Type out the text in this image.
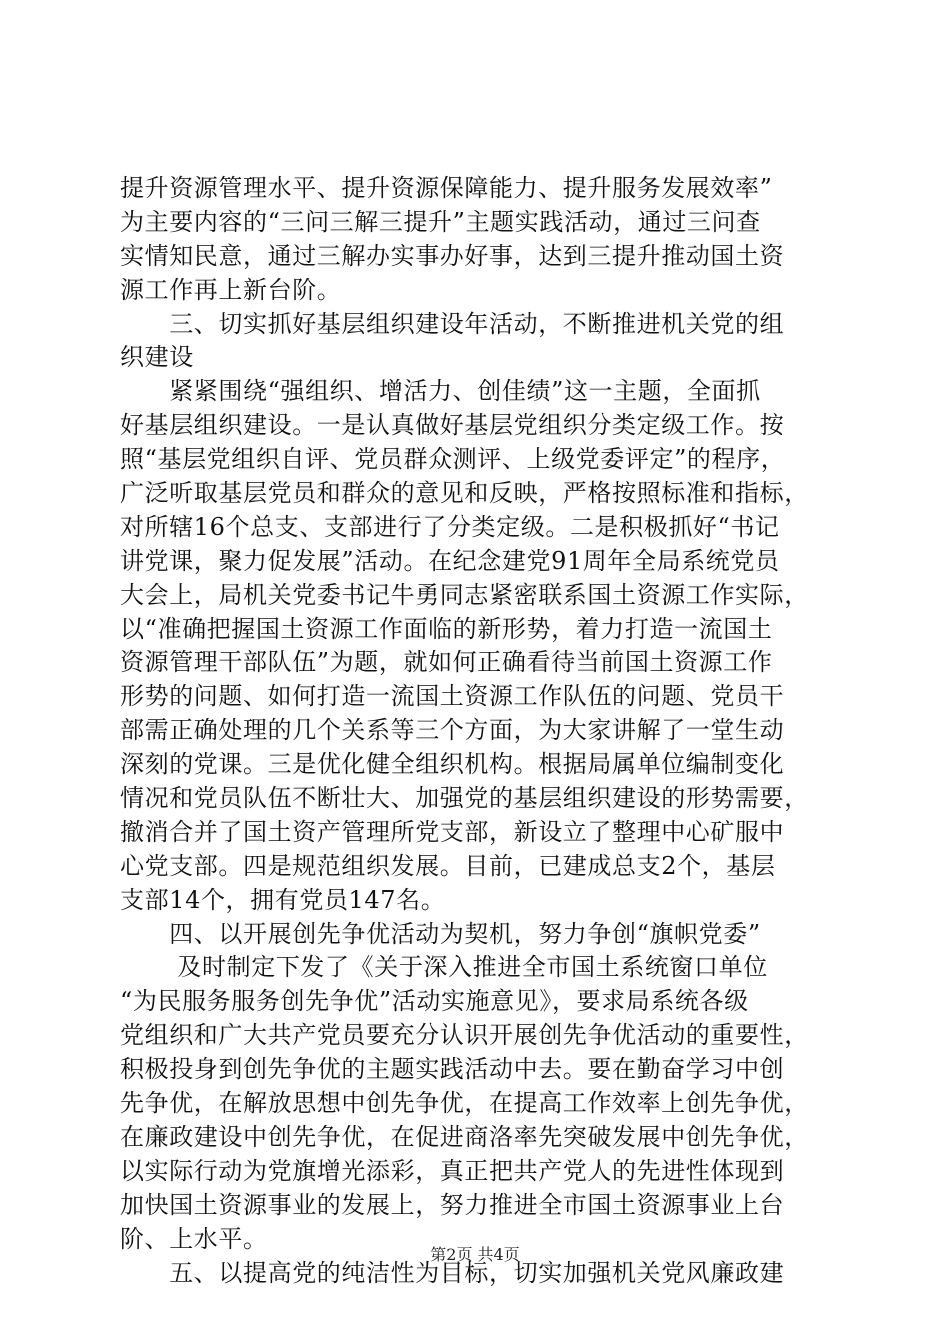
提升资源管理水平、提升资源保障能力、提升服务发展效率”
为主要内容的“三问三解三提升”主题实践活动，通过三问查
实情知民意，通过三解办实事办好事，达到三提升推动国土资
源工作再上新台阶。
　　三、切实抓好基层组织建设年活动，不断推进机关党的组
织建设
　　紧紧围绕“强组织、增活力、创佳绩”这一主题，全面抓
好基层组织建设。一是认真做好基层党组织分类定级工作。按
照“基层党组织自评、党员群众测评、上级党委评定”的程序，
广泛听取基层党员和群众的意见和反映，严格按照标准和指标，
对所辖16个总支、支部进行了分类定级。二是积极抓好“书记
讲党课，聚力促发展”活动。在纪念建党91周年全局系统党员
大会上，局机关党委书记牛勇同志紧密联系国土资源工作实际，
以“准确把握国土资源工作面临的新形势，着力打造一流国土
资源管理干部队伍”为题，就如何正确看待当前国土资源工作
形势的问题、如何打造一流国土资源工作队伍的问题、党员干
部需正确处理的几个关系等三个方面，为大家讲解了一堂生动
深刻的党课。三是优化健全组织机构。根据局属单位编制变化
情况和党员队伍不断壮大、加强党的基层组织建设的形势需要，
撤消合并了国土资产管理所党支部，新设立了整理中心矿服中
心党支部。四是规范组织发展。目前，已建成总支2个，基层
支部14个，拥有党员147名。
　　四、以开展创先争优活动为契机，努力争创“旗帜党委”
　　 及时制定下发了《关于深入推进全市国土系统窗口单位
“为民服务服务创先争优”活动实施意见》，要求局系统各级
党组织和广大共产党员要充分认识开展创先争优活动的重要性，
积极投身到创先争优的主题实践活动中去。要在勤奋学习中创
先争优，在解放思想中创先争优，在提高工作效率上创先争优，
在廉政建设中创先争优，在促进商洛率先突破发展中创先争优，
以实际行动为党旗增光添彩，真正把共产党人的先进性体现到
加快国土资源事业的发展上，努力推进全市国土资源事业上台
阶、上水平。
　　五、以提高党的纯洁性为目标，切实加强机关党风廉政建
第2页 共4页
